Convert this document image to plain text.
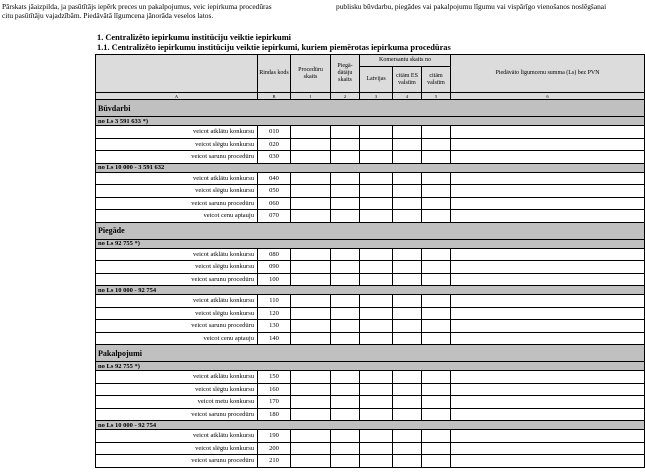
Pārskats jāaizpilda, ja pasūtītājs iepērk preces un pakalpojumus, veic iepirkuma procedūras
citu pasūtītāju vajadzībām. Piedāvātā līgumcena jānorāda veselos latos.
publisku būvdarbu, piegādes vai pakalpojumu līgumu vai vispārīgo vienošanos noslēgšanai
1. Centralizēto iepirkumu institūciju veiktie iepirkumi
1.1. Centralizēto iepirkumu institūciju veiktie iepirkumi, kuriem piemērotas iepirkuma procedūras
	Rindas kods	Procedūru skaits	Piegā-dātāju skaits	Komersantu skaits no			Piedāvāto līgumcenu summa (Ls) bez PVN
				Latvijas	citām ES valstīm	citām valstīm	
A	B	1	2	3	4	5	6
Būvdarbi							
no Ls 3 591 633 *)							
veicot atklātu konkursu	010						
veicot slēgtu konkursu	020						
veicot sarunu procedūru	030						
no Ls 10 000 - 3 591 632							
veicot atklātu konkursu	040						
veicot slēgtu konkursu	050						
veicot sarunu procedūru	060						
veicot cenu aptauju	070						
Piegāde							
no Ls 92 755 *)							
veicot atklātu konkursu	080						
veicot slēgtu konkursu	090						
veicot sarunu procedūru	100						
no Ls 10 000 - 92 754							
veicot atklātu konkursu	110						
veicot slēgtu konkursu	120						
veicot sarunu procedūru	130						
veicot cenu aptauju	140						
Pakalpojumi							
no Ls 92 755 *)							
veicot atklātu konkursu	150						
veicot slēgtu konkursu	160						
veicot metu konkursu	170						
veicot sarunu procedūru	180						
no Ls 10 000 - 92 754							
veicot atklātu konkursu	190						
veicot slēgtu konkursu	200						
veicot sarunu procedūru	210						
